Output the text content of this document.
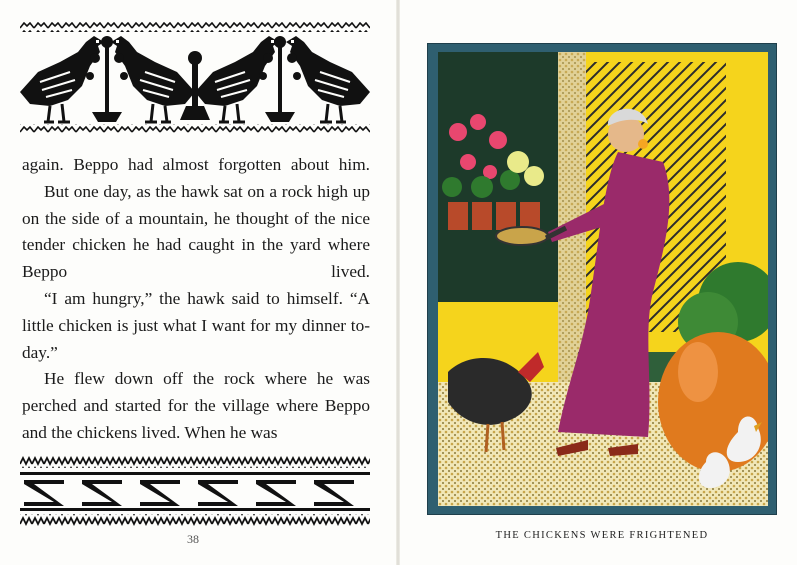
again. Beppo had almost forgotten about him.

But one day, as the hawk sat on a rock high up on the side of a mountain, he thought of the nice tender chicken he had caught in the yard where Beppo lived.

“I am hungry,” the hawk said to himself. “A little chicken is just what I want for my dinner to-day.”

He flew down off the rock where he was perched and started for the village where Beppo and the chickens lived. When he was

38	THE CHICKENS WERE FRIGHTENED
